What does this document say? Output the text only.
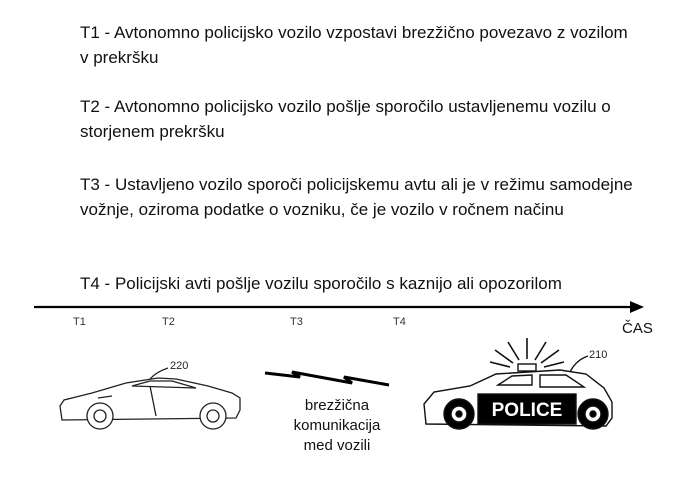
T1 - Avtonomno policijsko vozilo vzpostavi brezžično povezavo z vozilom v prekršku
T2 - Avtonomno policijsko vozilo pošlje sporočilo ustavljenemu vozilu o storjenem prekršku
T3 - Ustavljeno vozilo sporoči policijskemu avtu ali je v režimu samodejne vožnje, oziroma podatke o vozniku, če je vozilo v ročnem načinu
T4 - Policijski avti pošlje vozilu sporočilo s kaznijo ali opozorilom
POLICE
T1	T2	T3	T4	ČAS
220
210
brezžična
komunikacija
med vozili
